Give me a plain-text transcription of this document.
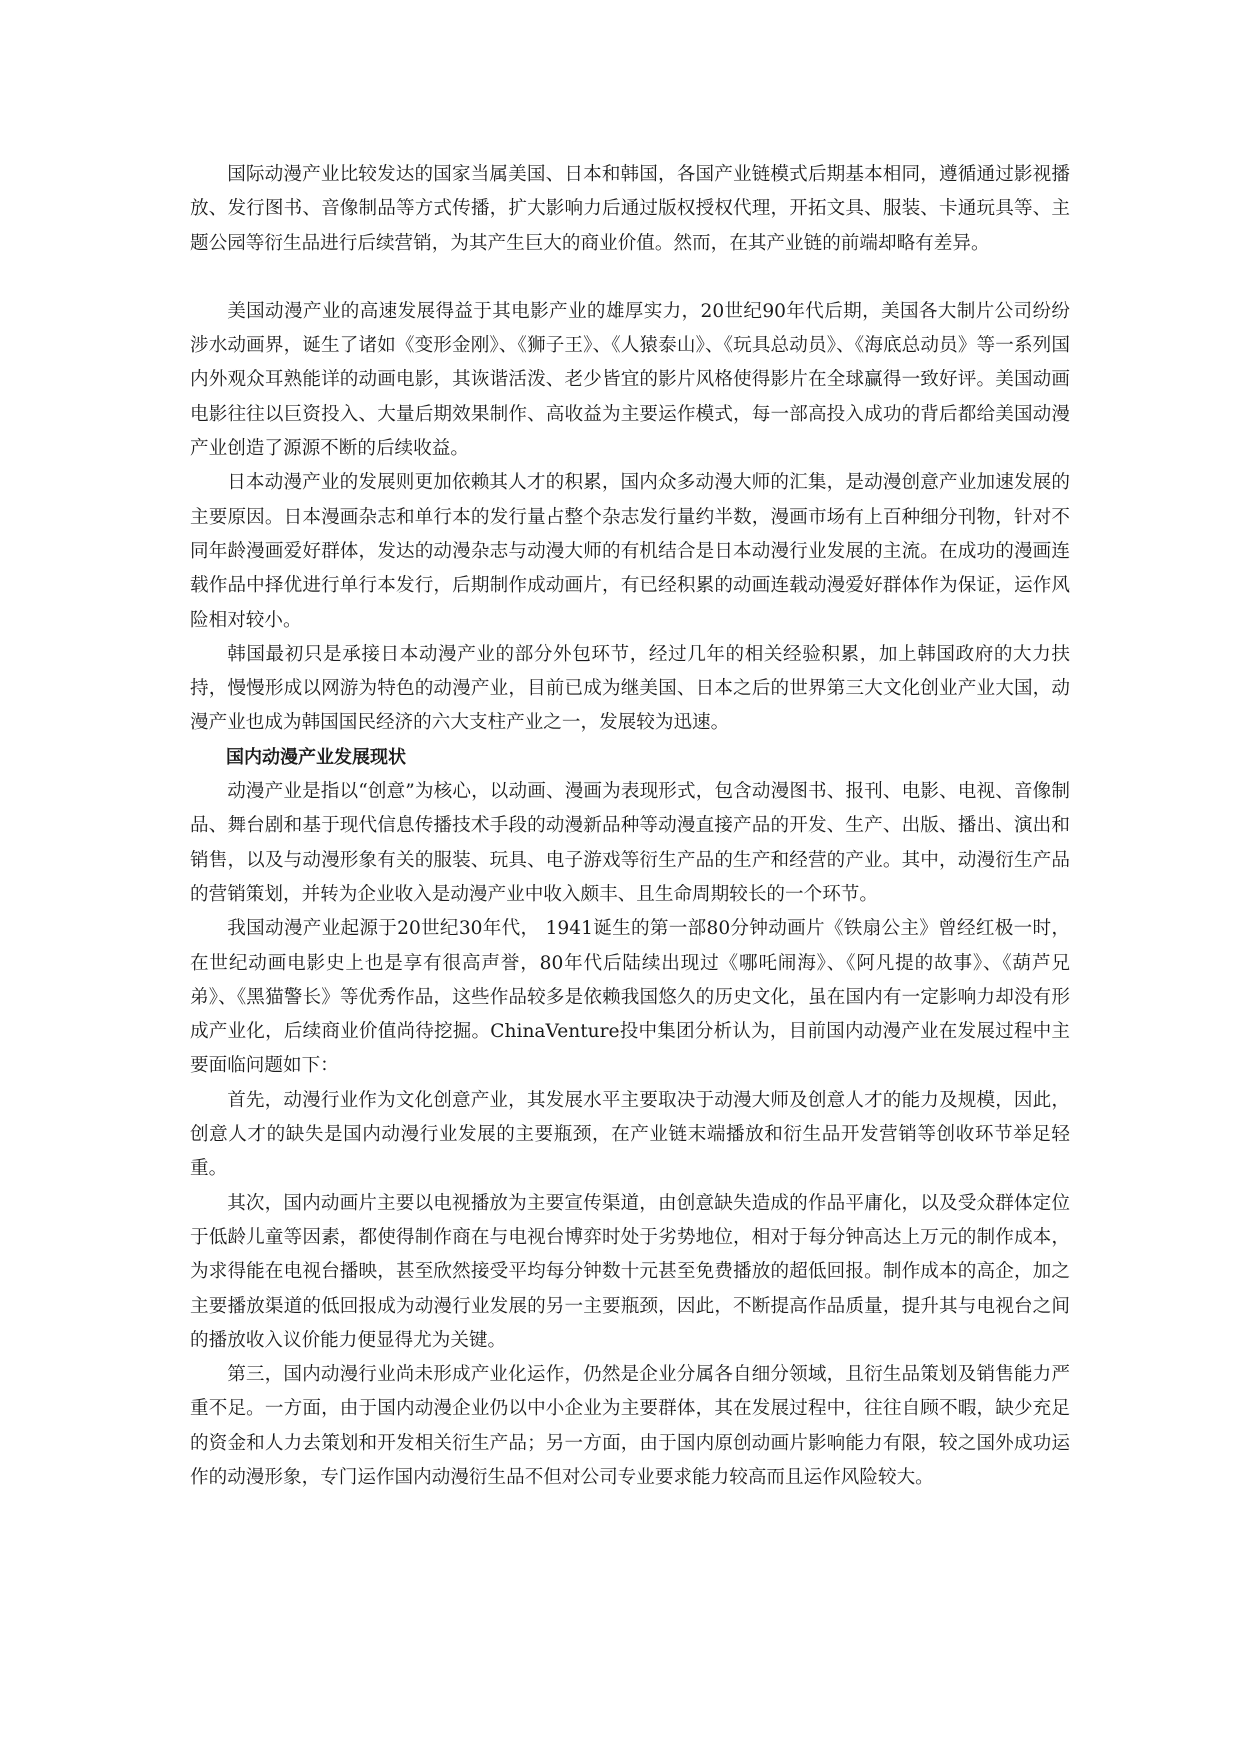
国际动漫产业比较发达的国家当属美国、日本和韩国，各国产业链模式后期基本相同，遵循通过影视播放、发行图书、音像制品等方式传播，扩大影响力后通过版权授权代理，开拓文具、服装、卡通玩具等、主题公园等衍生品进行后续营销，为其产生巨大的商业价值。然而，在其产业链的前端却略有差异。

美国动漫产业的高速发展得益于其电影产业的雄厚实力，20世纪90年代后期，美国各大制片公司纷纷涉水动画界，诞生了诸如《变形金刚》、《狮子王》、《人猿泰山》、《玩具总动员》、《海底总动员》等一系列国内外观众耳熟能详的动画电影，其诙谐活泼、老少皆宜的影片风格使得影片在全球赢得一致好评。美国动画电影往往以巨资投入、大量后期效果制作、高收益为主要运作模式，每一部高投入成功的背后都给美国动漫产业创造了源源不断的后续收益。

日本动漫产业的发展则更加依赖其人才的积累，国内众多动漫大师的汇集，是动漫创意产业加速发展的主要原因。日本漫画杂志和单行本的发行量占整个杂志发行量约半数，漫画市场有上百种细分刊物，针对不同年龄漫画爱好群体，发达的动漫杂志与动漫大师的有机结合是日本动漫行业发展的主流。在成功的漫画连载作品中择优进行单行本发行，后期制作成动画片，有已经积累的动画连载动漫爱好群体作为保证，运作风险相对较小。

韩国最初只是承接日本动漫产业的部分外包环节，经过几年的相关经验积累，加上韩国政府的大力扶持，慢慢形成以网游为特色的动漫产业，目前已成为继美国、日本之后的世界第三大文化创业产业大国，动漫产业也成为韩国国民经济的六大支柱产业之一，发展较为迅速。

国内动漫产业发展现状

动漫产业是指以“创意”为核心，以动画、漫画为表现形式，包含动漫图书、报刊、电影、电视、音像制品、舞台剧和基于现代信息传播技术手段的动漫新品种等动漫直接产品的开发、生产、出版、播出、演出和销售，以及与动漫形象有关的服装、玩具、电子游戏等衍生产品的生产和经营的产业。其中，动漫衍生产品的营销策划，并转为企业收入是动漫产业中收入颇丰、且生命周期较长的一个环节。

我国动漫产业起源于20世纪30年代， 1941诞生的第一部80分钟动画片《铁扇公主》曾经红极一时，在世纪动画电影史上也是享有很高声誉，80年代后陆续出现过《哪吒闹海》、《阿凡提的故事》、《葫芦兄弟》、《黑猫警长》等优秀作品，这些作品较多是依赖我国悠久的历史文化，虽在国内有一定影响力却没有形成产业化，后续商业价值尚待挖掘。ChinaVenture投中集团分析认为，目前国内动漫产业在发展过程中主要面临问题如下：

首先，动漫行业作为文化创意产业，其发展水平主要取决于动漫大师及创意人才的能力及规模，因此，创意人才的缺失是国内动漫行业发展的主要瓶颈，在产业链末端播放和衍生品开发营销等创收环节举足轻重。

其次，国内动画片主要以电视播放为主要宣传渠道，由创意缺失造成的作品平庸化，以及受众群体定位于低龄儿童等因素，都使得制作商在与电视台博弈时处于劣势地位，相对于每分钟高达上万元的制作成本，为求得能在电视台播映，甚至欣然接受平均每分钟数十元甚至免费播放的超低回报。制作成本的高企，加之主要播放渠道的低回报成为动漫行业发展的另一主要瓶颈，因此，不断提高作品质量，提升其与电视台之间的播放收入议价能力便显得尤为关键。

第三，国内动漫行业尚未形成产业化运作，仍然是企业分属各自细分领域，且衍生品策划及销售能力严重不足。一方面，由于国内动漫企业仍以中小企业为主要群体，其在发展过程中，往往自顾不暇，缺少充足的资金和人力去策划和开发相关衍生产品；另一方面，由于国内原创动画片影响能力有限，较之国外成功运作的动漫形象，专门运作国内动漫衍生品不但对公司专业要求能力较高而且运作风险较大。
